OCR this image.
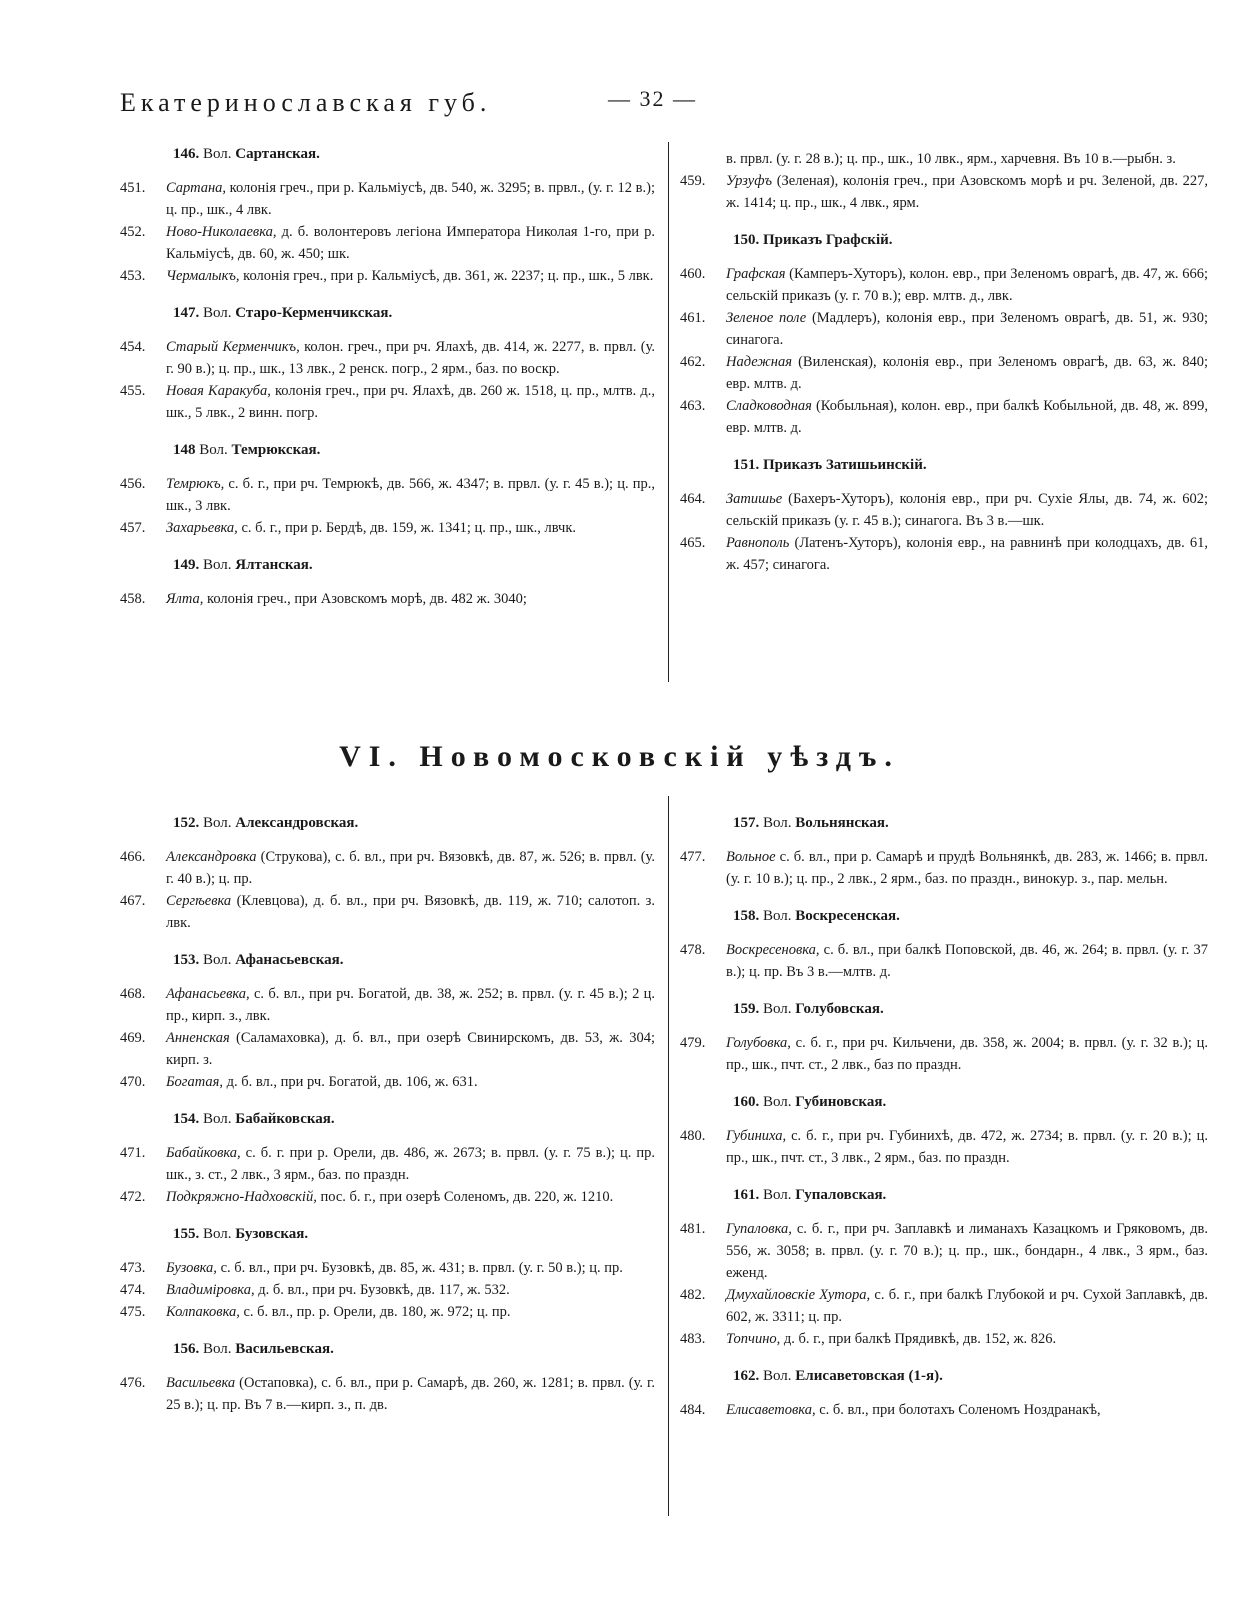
Екатеринославская губ.	— 32 —
146. Вол. Сартанская.
451.	Сартана, колонія греч., при р. Кальміусѣ, дв. 540, ж. 3295; в. првл., (у. г. 12 в.); ц. пр., шк., 4 лвк.
452.	Ново-Николаевка, д. б. волонтеровъ легіона Императора Николая 1-го, при р. Кальміусѣ, дв. 60, ж. 450; шк.
453.	Чермалыкъ, колонія греч., при р. Кальміусѣ, дв. 361, ж. 2237; ц. пр., шк., 5 лвк.
147. Вол. Старо-Керменчикская.
454.	Старый Керменчикъ, колон. греч., при рч. Ялахѣ, дв. 414, ж. 2277, в. првл. (у. г. 90 в.); ц. пр., шк., 13 лвк., 2 ренск. погр., 2 ярм., баз. по воскр.
455.	Новая Каракуба, колонія греч., при рч. Ялахѣ, дв. 260 ж. 1518, ц. пр., млтв. д., шк., 5 лвк., 2 винн. погр.
148 Вол. Темрюкская.
456.	Темрюкъ, с. б. г., при рч. Темрюкѣ, дв. 566, ж. 4347; в. првл. (у. г. 45 в.); ц. пр., шк., 3 лвк.
457.	Захарьевка, с. б. г., при р. Бердѣ, дв. 159, ж. 1341; ц. пр., шк., лвчк.
149. Вол. Ялтанская.
458.	Ялта, колонія греч., при Азовскомъ морѣ, дв. 482 ж. 3040;
в. првл. (у. г. 28 в.); ц. пр., шк., 10 лвк., ярм., харчевня. Въ 10 в.—рыбн. з.
459.	Урзуфъ (Зеленая), колонія греч., при Азовскомъ морѣ и рч. Зеленой, дв. 227, ж. 1414; ц. пр., шк., 4 лвк., ярм.
150. Приказъ Графскій.
460.	Графская (Камперъ-Хуторъ), колон. евр., при Зеленомъ оврагѣ, дв. 47, ж. 666; сельскій приказъ (у. г. 70 в.); евр. млтв. д., лвк.
461.	Зеленое поле (Мадлеръ), колонія евр., при Зеленомъ оврагѣ, дв. 51, ж. 930; синагога.
462.	Надежная (Виленская), колонія евр., при Зеленомъ оврагѣ, дв. 63, ж. 840; евр. млтв. д.
463.	Сладководная (Кобыльная), колон. евр., при балкѣ Кобыльной, дв. 48, ж. 899, евр. млтв. д.
151. Приказъ Затишьинскій.
464.	Затишье (Бахеръ-Хуторъ), колонія евр., при рч. Сухіе Ялы, дв. 74, ж. 602; сельскій приказъ (у. г. 45 в.); синагога. Въ 3 в.—шк.
465.	Равнополь (Латенъ-Хуторъ), колонія евр., на равнинѣ при колодцахъ, дв. 61, ж. 457; синагога.
VI. Новомосковскій уѣздъ.
152. Вол. Александровская.
466.	Александровка (Струкова), с. б. вл., при рч. Вязовкѣ, дв. 87, ж. 526; в. првл. (у. г. 40 в.); ц. пр.
467.	Сергѣевка (Клевцова), д. б. вл., при рч. Вязовкѣ, дв. 119, ж. 710; салотоп. з. лвк.
153. Вол. Афанасьевская.
468.	Афанасьевка, с. б. вл., при рч. Богатой, дв. 38, ж. 252; в. првл. (у. г. 45 в.); 2 ц. пр., кирп. з., лвк.
469.	Анненская (Саламаховка), д. б. вл., при озерѣ Свинирскомъ, дв. 53, ж. 304; кирп. з.
470.	Богатая, д. б. вл., при рч. Богатой, дв. 106, ж. 631.
154. Вол. Бабайковская.
471.	Бабайковка, с. б. г. при р. Орели, дв. 486, ж. 2673; в. првл. (у. г. 75 в.); ц. пр. шк., з. ст., 2 лвк., 3 ярм., баз. по праздн.
472.	Подкряжно-Надховскій, пос. б. г., при озерѣ Соленомъ, дв. 220, ж. 1210.
155. Вол. Бузовская.
473.	Бузовка, с. б. вл., при рч. Бузовкѣ, дв. 85, ж. 431; в. првл. (у. г. 50 в.); ц. пр.
474.	Владиміровка, д. б. вл., при рч. Бузовкѣ, дв. 117, ж. 532.
475.	Колпаковка, с. б. вл., пр. р. Орели, дв. 180, ж. 972; ц. пр.
156. Вол. Васильевская.
476.	Васильевка (Остаповка), с. б. вл., при р. Самарѣ, дв. 260, ж. 1281; в. првл. (у. г. 25 в.); ц. пр. Въ 7 в.—кирп. з., п. дв.
157. Вол. Вольнянская.
477.	Вольное с. б. вл., при р. Самарѣ и прудѣ Вольнянкѣ, дв. 283, ж. 1466; в. првл. (у. г. 10 в.); ц. пр., 2 лвк., 2 ярм., баз. по праздн., винокур. з., пар. мельн.
158. Вол. Воскресенская.
478.	Воскресеновка, с. б. вл., при балкѣ Поповской, дв. 46, ж. 264; в. првл. (у. г. 37 в.); ц. пр. Въ 3 в.—млтв. д.
159. Вол. Голубовская.
479.	Голубовка, с. б. г., при рч. Кильчени, дв. 358, ж. 2004; в. првл. (у. г. 32 в.); ц. пр., шк., пчт. ст., 2 лвк., баз по праздн.
160. Вол. Губиновская.
480.	Губиниха, с. б. г., при рч. Губинихѣ, дв. 472, ж. 2734; в. првл. (у. г. 20 в.); ц. пр., шк., пчт. ст., 3 лвк., 2 ярм., баз. по праздн.
161. Вол. Гупаловская.
481.	Гупаловка, с. б. г., при рч. Заплавкѣ и лиманахъ Казацкомъ и Гряковомъ, дв. 556, ж. 3058; в. првл. (у. г. 70 в.); ц. пр., шк., бондарн., 4 лвк., 3 ярм., баз. еженд.
482.	Дмухайловскіе Хутора, с. б. г., при балкѣ Глубокой и рч. Сухой Заплавкѣ, дв. 602, ж. 3311; ц. пр.
483.	Топчино, д. б. г., при балкѣ Прядивкѣ, дв. 152, ж. 826.
162. Вол. Елисаветовская (1-я).
484.	Елисаветовка, с. б. вл., при болотахъ Соленомъ Ноздранакѣ,
